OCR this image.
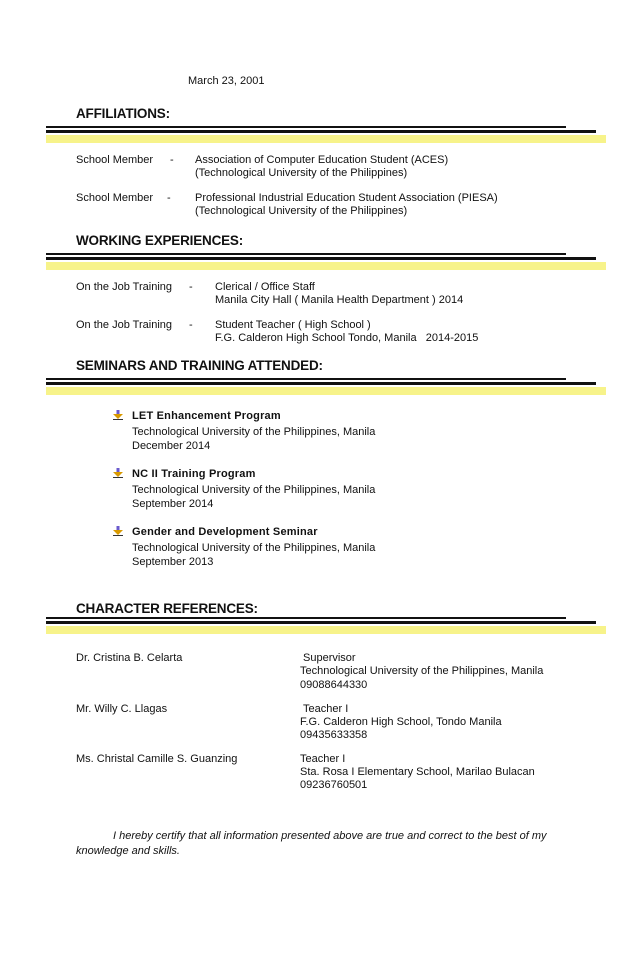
March 23, 2001
AFFILIATIONS:
School Member - Association of Computer Education Student (ACES)
(Technological University of the Philippines)
School Member - Professional Industrial Education Student Association (PIESA)
(Technological University of the Philippines)
WORKING EXPERIENCES:
On the Job Training - Clerical / Office Staff
Manila City Hall ( Manila Health Department ) 2014
On the Job Training - Student Teacher ( High School )
F.G. Calderon High School Tondo, Manila   2014-2015
SEMINARS AND TRAINING ATTENDED:
LET Enhancement Program
Technological University of the Philippines, Manila
December 2014
NC II Training Program
Technological University of the Philippines, Manila
September 2014
Gender and Development Seminar
Technological University of the Philippines, Manila
September 2013
CHARACTER REFERENCES:
Dr. Cristina B. Celarta	Supervisor
Technological University of the Philippines, Manila
09088644330
Mr. Willy C. Llagas	Teacher I
F.G. Calderon High School, Tondo Manila
09435633358
Ms. Christal Camille S. Guanzing	Teacher I
Sta. Rosa I Elementary School, Marilao Bulacan
09236760501
I hereby certify that all information presented above are true and correct to the best of my
knowledge and skills.
